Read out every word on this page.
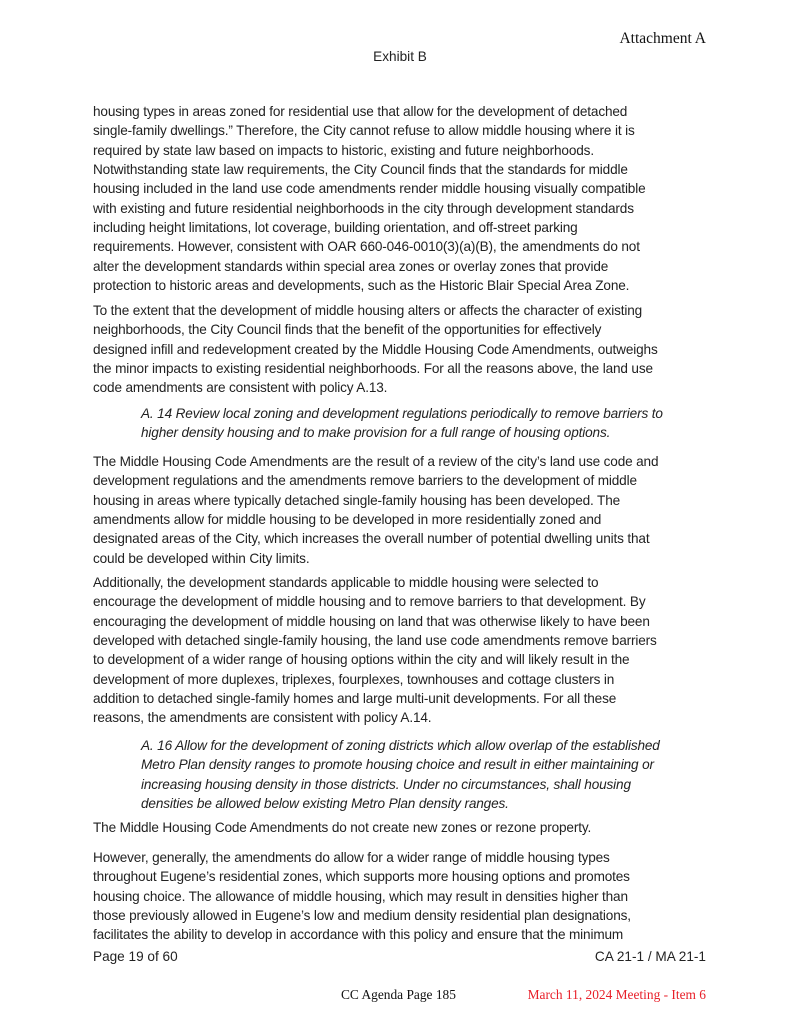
Attachment A
Exhibit B
housing types in areas zoned for residential use that allow for the development of detached
single-family dwellings.” Therefore, the City cannot refuse to allow middle housing where it is
required by state law based on impacts to historic, existing and future neighborhoods.
Notwithstanding state law requirements, the City Council finds that the standards for middle
housing included in the land use code amendments render middle housing visually compatible
with existing and future residential neighborhoods in the city through development standards
including height limitations, lot coverage, building orientation, and off-street parking
requirements. However, consistent with OAR 660-046-0010(3)(a)(B), the amendments do not
alter the development standards within special area zones or overlay zones that provide
protection to historic areas and developments, such as the Historic Blair Special Area Zone.
To the extent that the development of middle housing alters or affects the character of existing
neighborhoods, the City Council finds that the benefit of the opportunities for effectively
designed infill and redevelopment created by the Middle Housing Code Amendments, outweighs
the minor impacts to existing residential neighborhoods. For all the reasons above, the land use
code amendments are consistent with policy A.13.
A. 14 Review local zoning and development regulations periodically to remove barriers to
higher density housing and to make provision for a full range of housing options.
The Middle Housing Code Amendments are the result of a review of the city’s land use code and
development regulations and the amendments remove barriers to the development of middle
housing in areas where typically detached single-family housing has been developed. The
amendments allow for middle housing to be developed in more residentially zoned and
designated areas of the City, which increases the overall number of potential dwelling units that
could be developed within City limits.
Additionally, the development standards applicable to middle housing were selected to
encourage the development of middle housing and to remove barriers to that development. By
encouraging the development of middle housing on land that was otherwise likely to have been
developed with detached single-family housing, the land use code amendments remove barriers
to development of a wider range of housing options within the city and will likely result in the
development of more duplexes, triplexes, fourplexes, townhouses and cottage clusters in
addition to detached single-family homes and large multi-unit developments. For all these
reasons, the amendments are consistent with policy A.14.
A. 16 Allow for the development of zoning districts which allow overlap of the established
Metro Plan density ranges to promote housing choice and result in either maintaining or
increasing housing density in those districts. Under no circumstances, shall housing
densities be allowed below existing Metro Plan density ranges.
The Middle Housing Code Amendments do not create new zones or rezone property.
However, generally, the amendments do allow for a wider range of middle housing types
throughout Eugene’s residential zones, which supports more housing options and promotes
housing choice. The allowance of middle housing, which may result in densities higher than
those previously allowed in Eugene’s low and medium density residential plan designations,
facilitates the ability to develop in accordance with this policy and ensure that the minimum
Page 19 of 60	CA 21-1 / MA 21-1
CC Agenda Page 185	March 11, 2024 Meeting - Item 6
